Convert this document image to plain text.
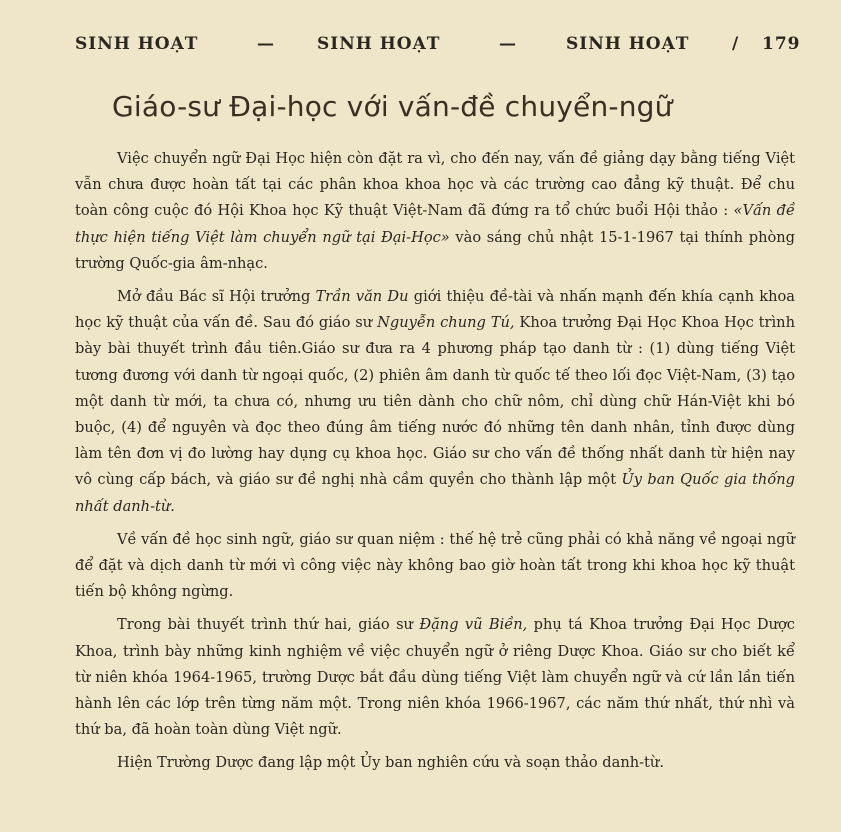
SINH HOẠT	— SINH HOẠT	—	SINH HOẠT	/ 179
Giáo-sư Đại-học với vấn-đề chuyển-ngữ

Việc chuyển ngữ Đại Học hiện còn đặt ra vì, cho đến nay, vấn đề giảng dạy bằng tiếng Việt vẫn chưa được hoàn tất tại các phân khoa khoa học và các trường cao đẳng kỹ thuật. Để chu toàn công cuộc đó Hội Khoa học Kỹ thuật Việt-Nam đã đứng ra tổ chức buổi Hội thảo : «Vấn đề thực hiện tiếng Việt làm chuyển ngữ tại Đại-Học» vào sáng chủ nhật 15-1-1967 tại thính phòng trường Quốc-gia âm-nhạc.

Mở đầu Bác sĩ Hội trưởng Trần văn Du giới thiệu đề-tài và nhấn mạnh đến khía cạnh khoa học kỹ thuật của vấn đề. Sau đó giáo sư Nguyễn chung Tú, Khoa trưởng Đại Học Khoa Học trình bày bài thuyết trình đầu tiên.Giáo sư đưa ra 4 phương pháp tạo danh từ : (1) dùng tiếng Việt tương đương với danh từ ngoại quốc, (2) phiên âm danh từ quốc tế theo lối đọc Việt-Nam, (3) tạo một danh từ mới, ta chưa có, nhưng ưu tiên dành cho chữ nôm, chỉ dùng chữ Hán-Việt khi bó buộc, (4) để nguyên và đọc theo đúng âm tiếng nước đó những tên danh nhân, tỉnh được dùng làm tên đơn vị đo lường hay dụng cụ khoa học. Giáo sư cho vấn đề thống nhất danh từ hiện nay vô cùng cấp bách, và giáo sư đề nghị nhà cầm quyền cho thành lập một Ủy ban Quốc gia thống nhất danh-từ.

Về vấn đề học sinh ngữ, giáo sư quan niệm : thế hệ trẻ cũng phải có khả năng về ngoại ngữ để đặt và dịch danh từ mới vì công việc này không bao giờ hoàn tất trong khi khoa học kỹ thuật tiến bộ không ngừng.

Trong bài thuyết trình thứ hai, giáo sư Đặng vũ Biền, phụ tá Khoa trưởng Đại Học Dược Khoa, trình bày những kinh nghiệm về việc chuyển ngữ ở riêng Dược Khoa. Giáo sư cho biết kể từ niên khóa 1964-1965, trường Dược bắt đầu dùng tiếng Việt làm chuyển ngữ và cứ lần lần tiến hành lên các lớp trên từng năm một. Trong niên khóa 1966-1967, các năm thứ nhất, thứ nhì và thứ ba, đã hoàn toàn dùng Việt ngữ.

Hiện Trường Dược đang lập một Ủy ban nghiên cứu và soạn thảo danh-từ.
